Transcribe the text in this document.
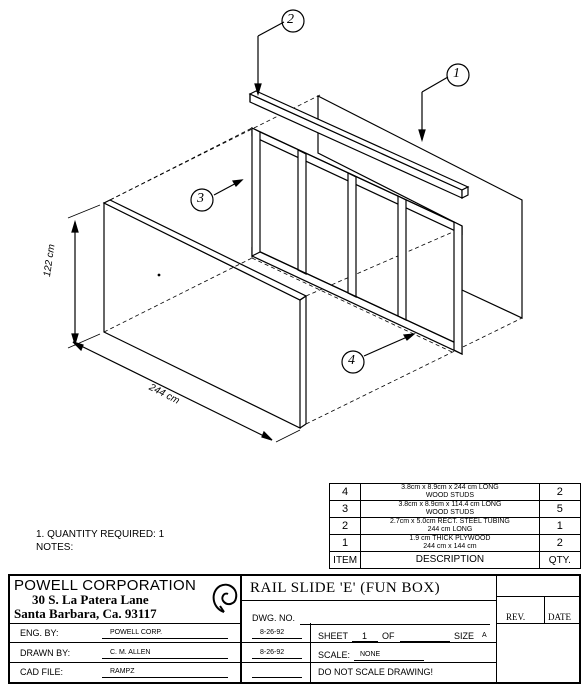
2
1
3
4
122 cm
244 cm
4	3.8cm x 8.9cm x 244 cm LONG
WOOD STUDS	2
3	3.8cm x 8.9cm x 114.4 cm LONG
WOOD STUDS	5
2	2.7cm x 5.0cm RECT. STEEL TUBING
244 cm LONG	1
1	1.9 cm THICK PLYWOOD
244 cm x 144 cm	2
ITEM	DESCRIPTION	QTY.
1. QUANTITY REQUIRED: 1
NOTES:
POWELL CORPORATION
30 S. La Patera Lane
Santa Barbara, Ca. 93117
RAIL SLIDE 'E' (FUN BOX)
DWG. NO.	REV.	DATE
ENG. BY:	POWELL CORP.	8-26-92
DRAWN BY:	C. M. ALLEN	8-26-92
CAD FILE:	RAMPZ
SHEET 1 OF	SIZE A
SCALE: NONE
DO NOT SCALE DRAWING!
